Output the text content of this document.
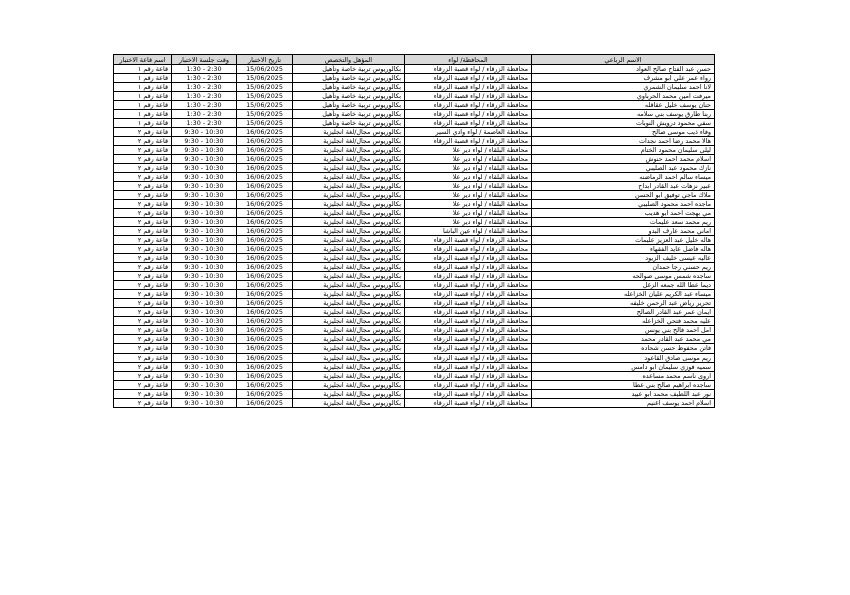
الاسم الرباعي	المحافظة/ لواء	المؤهل والتخصص	تاريخ الاختبار	وقت جلسة الاختبار	اسم قاعة الاختبار
حسن عبد الفتاح صالح العواد	محافظة الزرقاء / لواء قصبة الزرقاء	بكالوريوس تربية خاصة وتأهيل	15/06/2025	1:30 - 2:30	قاعة رقم ١
رواء عمر علي ابو مشرف	محافظة الزرقاء / لواء قصبة الزرقاء	بكالوريوس تربية خاصة وتأهيل	15/06/2025	1:30 - 2:30	قاعة رقم ١
لانا احمد سليمان الشمري	محافظة الزرقاء / لواء قصبة الزرقاء	بكالوريوس تربية خاصة وتأهيل	15/06/2025	1:30 - 2:30	قاعة رقم ١
ميرفت امين محمد الحرباوي	محافظة الزرقاء / لواء قصبة الزرقاء	بكالوريوس تربية خاصة وتأهيل	15/06/2025	1:30 - 2:30	قاعة رقم ١
حنان يوسف خليل عقاقله	محافظة الزرقاء / لواء قصبة الزرقاء	بكالوريوس تربية خاصة وتأهيل	15/06/2025	1:30 - 2:30	قاعة رقم ١
ربنا طارق يوسف بني سلامه	محافظة الزرقاء / لواء قصبة الزرقاء	بكالوريوس تربية خاصة وتأهيل	15/06/2025	1:30 - 2:30	قاعة رقم ١
سفي محمود درويش النوبات	محافظة الزرقاء / لواء قصبة الزرقاء	بكالوريوس تربية خاصة وتأهيل	15/06/2025	1:30 - 2:30	قاعة رقم ١
وفاء ذيب موسى صالح	محافظة العاصمة / لواء وادي السير	بكالوريوس مجال/لغة انجليزية	16/06/2025	9:30 - 10:30	قاعة رقم ٢
هالا محمد رضا احمد نجدات	محافظة الزرقاء / لواء قصبة الزرقاء	بكالوريوس مجال/لغة انجليزية	16/06/2025	9:30 - 10:30	قاعة رقم ٢
ليلى سليمان محمود الختام	محافظة البلقاء / لواء دير علا	بكالوريوس مجال/لغة انجليزية	16/06/2025	9:30 - 10:30	قاعة رقم ٢
اسلام محمد احمد حنوش	محافظة البلقاء / لواء دير علا	بكالوريوس مجال/لغة انجليزية	16/06/2025	9:30 - 10:30	قاعة رقم ٢
نازك محمود عبد الصليبي	محافظة البلقاء / لواء دير علا	بكالوريوس مجال/لغة انجليزية	16/06/2025	9:30 - 10:30	قاعة رقم ٢
ميساء سالم احمد الرماضنه	محافظة البلقاء / لواء دير علا	بكالوريوس مجال/لغة انجليزية	16/06/2025	9:30 - 10:30	قاعة رقم ٢
عبير نزهات عبد القادر ابداح	محافظة البلقاء / لواء دير علا	بكالوريوس مجال/لغة انجليزية	16/06/2025	9:30 - 10:30	قاعة رقم ٢
ملاك ماجي توفيق ابو الحسن	محافظة البلقاء / لواء دير علا	بكالوريوس مجال/لغة انجليزية	16/06/2025	9:30 - 10:30	قاعة رقم ٢
ماجده احمد محمود الصليبي	محافظة البلقاء / لواء دير علا	بكالوريوس مجال/لغة انجليزية	16/06/2025	9:30 - 10:30	قاعة رقم ٢
مي بهجت احمد ابو هديب	محافظة البلقاء / لواء دير علا	بكالوريوس مجال/لغة انجليزية	16/06/2025	9:30 - 10:30	قاعة رقم ٢
ريم محمد سعد عليمات	محافظة البلقاء / لواء دير علا	بكالوريوس مجال/لغة انجليزية	16/06/2025	9:30 - 10:30	قاعة رقم ٢
اماني محمد عارف البدو	محافظة البلقاء / لواء عين الباشا	بكالوريوس مجال/لغة انجليزية	16/06/2025	9:30 - 10:30	قاعة رقم ٢
هاله خليل عبد العزيز عليمات	محافظة الزرقاء / لواء قصبة الزرقاء	بكالوريوس مجال/لغة انجليزية	16/06/2025	9:30 - 10:30	قاعة رقم ٢
هاله فاضل عايد الفقهاء	محافظة الزرقاء / لواء قصبة الزرقاء	بكالوريوس مجال/لغة انجليزية	16/06/2025	9:30 - 10:30	قاعة رقم ٢
عاليه عيسى خليف الزيود	محافظة الزرقاء / لواء قصبة الزرقاء	بكالوريوس مجال/لغة انجليزية	16/06/2025	9:30 - 10:30	قاعة رقم ٢
ريم حسني رجا حمدان	محافظة الزرقاء / لواء قصبة الزرقاء	بكالوريوس مجال/لغة انجليزية	16/06/2025	9:30 - 10:30	قاعة رقم ٢
ساجده شمس موسى صوالحه	محافظة الزرقاء / لواء قصبة الزرقاء	بكالوريوس مجال/لغة انجليزية	16/06/2025	9:30 - 10:30	قاعة رقم ٢
ديما عطا الله جمعه الزغل	محافظة الزرقاء / لواء قصبة الزرقاء	بكالوريوس مجال/لغة انجليزية	16/06/2025	9:30 - 10:30	قاعة رقم ٢
ميساء عبد الكريم عليان الخزاعله	محافظة الزرقاء / لواء قصبة الزرقاء	بكالوريوس مجال/لغة انجليزية	16/06/2025	9:30 - 10:30	قاعة رقم ٢
تحرير رياض عبد الرحمن خليفه	محافظة الزرقاء / لواء قصبة الزرقاء	بكالوريوس مجال/لغة انجليزية	16/06/2025	9:30 - 10:30	قاعة رقم ٢
ايمان عمر عبد القادر الصالح	محافظة الزرقاء / لواء قصبة الزرقاء	بكالوريوس مجال/لغة انجليزية	16/06/2025	9:30 - 10:30	قاعة رقم ٢
عليه محمد فتحي الخزاعله	محافظة الزرقاء / لواء قصبة الزرقاء	بكالوريوس مجال/لغة انجليزية	16/06/2025	9:30 - 10:30	قاعة رقم ٢
امل احمد فالح بني يونس	محافظة الزرقاء / لواء قصبة الزرقاء	بكالوريوس مجال/لغة انجليزية	16/06/2025	9:30 - 10:30	قاعة رقم ٢
مي محمد عبد القادر محمد	محافظة الزرقاء / لواء قصبة الزرقاء	بكالوريوس مجال/لغة انجليزية	16/06/2025	9:30 - 10:30	قاعة رقم ٢
فاتن محفوظ حسن شحاده	محافظة الزرقاء / لواء قصبة الزرقاء	بكالوريوس مجال/لغة انجليزية	16/06/2025	9:30 - 10:30	قاعة رقم ٢
ريم موسى صادق القاعود	محافظة الزرقاء / لواء قصبة الزرقاء	بكالوريوس مجال/لغة انجليزية	16/06/2025	9:30 - 10:30	قاعة رقم ٢
سميه فوزي سليمان ابو دامس	محافظة الزرقاء / لواء قصبة الزرقاء	بكالوريوس مجال/لغة انجليزية	16/06/2025	9:30 - 10:30	قاعة رقم ٢
اروى ناسم محمد مساعده	محافظة الزرقاء / لواء قصبة الزرقاء	بكالوريوس مجال/لغة انجليزية	16/06/2025	9:30 - 10:30	قاعة رقم ٢
ساجده ابراهيم صالح بني عطا	محافظة الزرقاء / لواء قصبة الزرقاء	بكالوريوس مجال/لغة انجليزية	16/06/2025	9:30 - 10:30	قاعة رقم ٢
نور عبد اللطيف محمد ابو عبيد	محافظة الزرقاء / لواء قصبة الزرقاء	بكالوريوس مجال/لغة انجليزية	16/06/2025	9:30 - 10:30	قاعة رقم ٢
اسلام احمد يوسف اغنيم	محافظة الزرقاء / لواء قصبة الزرقاء	بكالوريوس مجال/لغة انجليزية	16/06/2025	9:30 - 10:30	قاعة رقم ٢
